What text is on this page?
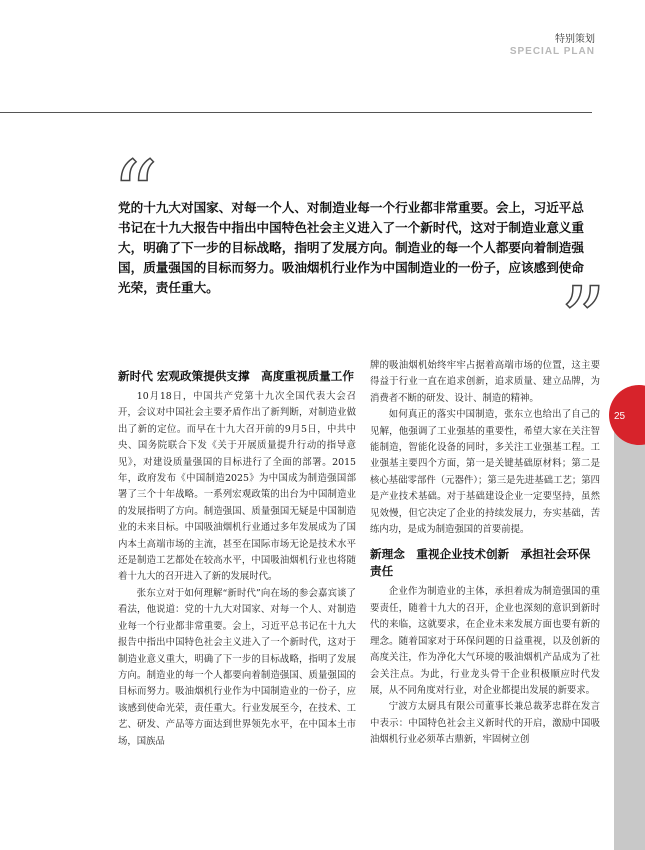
特别策划
SPECIAL PLAN
“

党的十九大对国家、对每一个人、对制造业每一个行业都非常重要。会上，习近平总书记在十九大报告中指出中国特色社会主义进入了一个新时代，这对于制造业意义重大，明确了下一步的目标战略，指明了发展方向。制造业的每一个人都要向着制造强国，质量强国的目标而努力。吸油烟机行业作为中国制造业的一份子，应该感到使命光荣，责任重大。	”
新时代 宏观政策提供支撑　高度重视质量工作

10月18日，中国共产党第十九次全国代表大会召开，会议对中国社会主要矛盾作出了新判断，对制造业做出了新的定位。而早在十九大召开前的9月5日，中共中央、国务院联合下发《关于开展质量提升行动的指导意见》，对建设质量强国的目标进行了全面的部署。2015年，政府发布《中国制造2025》为中国成为制造强国部署了三个十年战略。一系列宏观政策的出台为中国制造业的发展指明了方向。制造强国、质量强国无疑是中国制造业的未来目标。中国吸油烟机行业通过多年发展成为了国内本土高端市场的主流，甚至在国际市场无论是技术水平还是制造工艺都处在较高水平，中国吸油烟机行业也将随着十九大的召开进入了新的发展时代。

张东立对于如何理解“新时代”向在场的参会嘉宾谈了看法，他说道：党的十九大对国家、对每一个人、对制造业每一个行业都非常重要。会上，习近平总书记在十九大报告中指出中国特色社会主义进入了一个新时代，这对于制造业意义重大，明确了下一步的目标战略，指明了发展方向。制造业的每一个人都要向着制造强国、质量强国的目标而努力。吸油烟机行业作为中国制造业的一份子，应该感到使命光荣，责任重大。行业发展至今，在技术、工艺、研发、产品等方面达到世界领先水平，在中国本土市场，国族品

牌的吸油烟机始终牢牢占据着高端市场的位置，这主要得益于行业一直在追求创新，追求质量、建立品牌，为消费者不断的研发、设计、制造的精神。

如何真正的落实中国制造，张东立也给出了自己的见解，他强调了工业强基的重要性，希望大家在关注智能制造，智能化设备的同时，多关注工业强基工程。工业强基主要四个方面，第一是关键基础原材料；第二是核心基础零部件（元器件）；第三是先进基础工艺；第四是产业技术基础。对于基础建设企业一定要坚持，虽然见效慢，但它决定了企业的持续发展力，夯实基础，苦练内功，是成为制造强国的首要前提。

新理念　重视企业技术创新　承担社会环保责任

企业作为制造业的主体，承担着成为制造强国的重要责任，随着十九大的召开，企业也深刻的意识到新时代的来临，这就要求，在企业未来发展方面也要有新的理念。随着国家对于环保问题的日益重视，以及创新的高度关注，作为净化大气环境的吸油烟机产品成为了社会关注点。为此，行业龙头骨干企业积极顺应时代发展，从不同角度对行业，对企业都提出发展的新要求。

宁波方太厨具有限公司董事长兼总裁茅忠群在发言中表示：中国特色社会主义新时代的开启，激励中国吸油烟机行业必须革古鼎新，牢固树立创

25
